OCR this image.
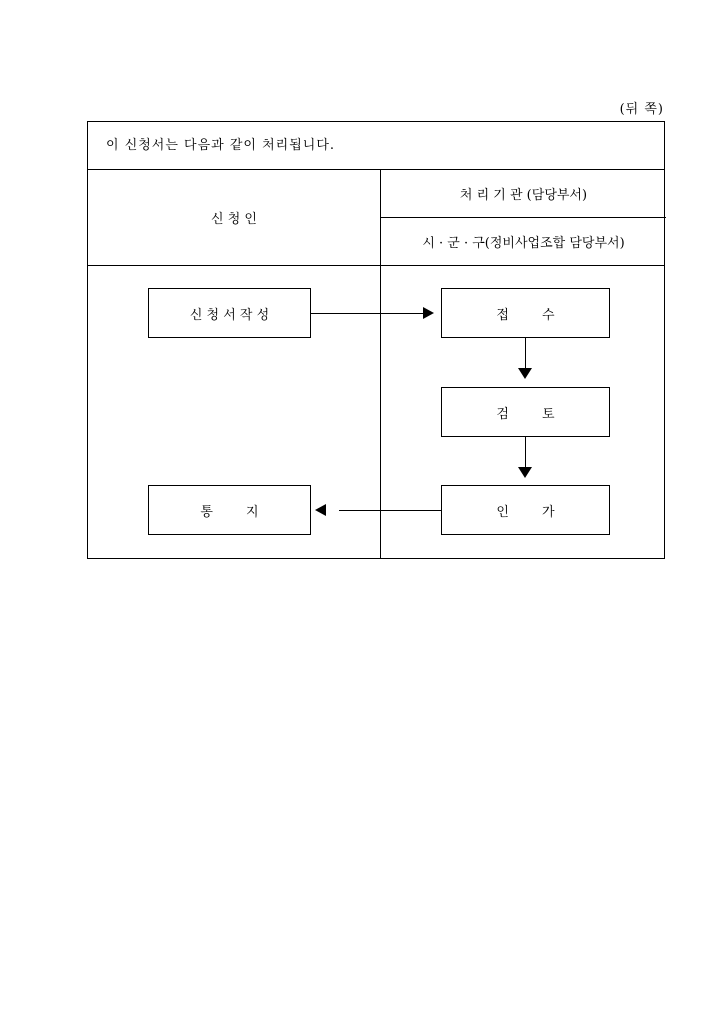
(뒤 쪽)
이 신청서는 다음과 같이 처리됩니다.
신 청 인
처 리 기 관 (담당부서)
시 · 군 · 구(정비사업조합 담당부서)
신 청 서 작 성	접        수
검        토
인        가
통        지
